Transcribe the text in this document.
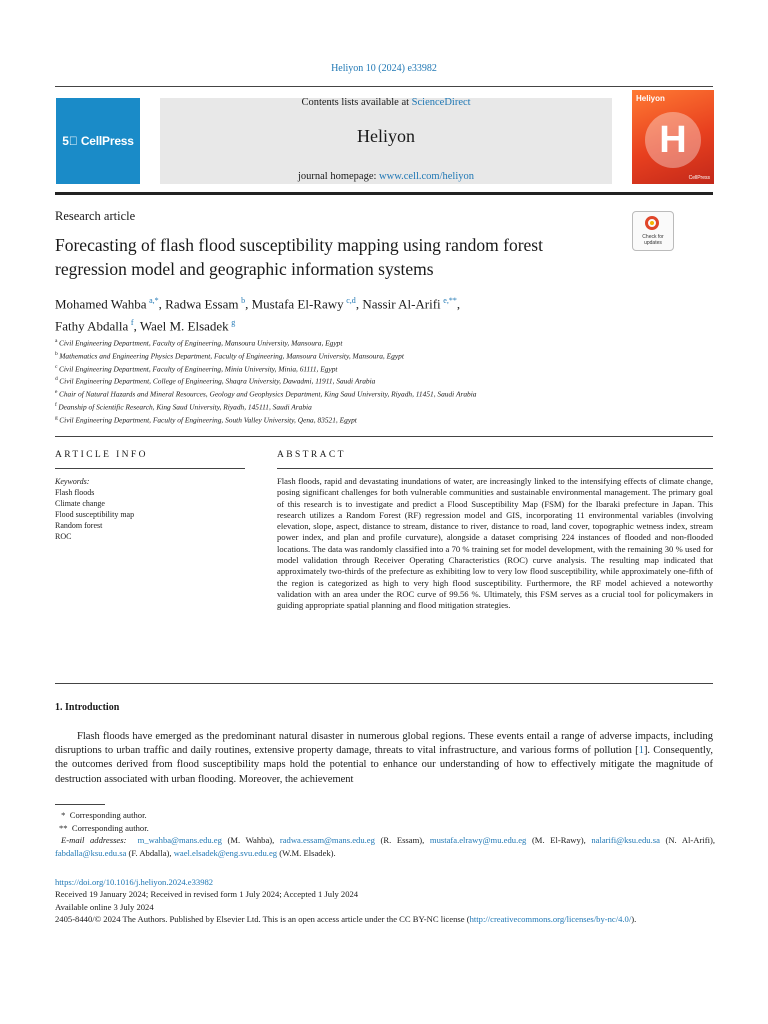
Heliyon 10 (2024) e33982
5⃝ CellPress
Contents lists available at ScienceDirect
Heliyon
journal homepage: www.cell.com/heliyon
Heliyon
H
CellPress
Research article
Forecasting of flash flood susceptibility mapping using random forest regression model and geographic information systems
Check for
updates
Mohamed Wahba  $^{a,*}$, Radwa Essam  $^b$, Mustafa El-Rawy  $^{c,d}$, Nassir Al-Arifi  $^{e,**}$,
Fathy Abdalla  $^f$, Wael M. Elsadek  $^g$
$^a$ Civil Engineering Department, Faculty of Engineering, Mansoura University, Mansoura, Egypt
$^b$ Mathematics and Engineering Physics Department, Faculty of Engineering, Mansoura University, Mansoura, Egypt
$^c$ Civil Engineering Department, Faculty of Engineering, Minia University, Minia, 61111, Egypt
$^d$ Civil Engineering Department, College of Engineering, Shaqra University, Dawadmi, 11911, Saudi Arabia
$^e$ Chair of Natural Hazards and Mineral Resources, Geology and Geophysics Department, King Saud University, Riyadh, 11451, Saudi Arabia
$^f$ Deanship of Scientific Research, King Saud University, Riyadh, 145111, Saudi Arabia
$^g$ Civil Engineering Department, Faculty of Engineering, South Valley University, Qena, 83521, Egypt
ARTICLE INFO
Keywords:
Flash floods
Climate change
Flood susceptibility map
Random forest
ROC
ABSTRACT
Flash floods, rapid and devastating inundations of water, are increasingly linked to the intensifying effects of climate change, posing significant challenges for both vulnerable communities and sustainable environmental management. The primary goal of this research is to investigate and predict a Flood Susceptibility Map (FSM) for the Ibaraki prefecture in Japan. This research utilizes a Random Forest (RF) regression model and GIS, incorporating 11 environmental variables (involving elevation, slope, aspect, distance to stream, distance to river, distance to road, land cover, topographic wetness index, stream power index, and plan and profile curvature), alongside a dataset comprising 224 instances of flooded and non-flooded locations. The data was randomly classified into a 70 % training set for model development, with the remaining 30 % used for model validation through Receiver Operating Characteristics (ROC) curve analysis. The resulting map indicated that approximately two-thirds of the prefecture as exhibiting low to very low flood susceptibility, while approximately one-fifth of the region is categorized as high to very high flood susceptibility. Furthermore, the RF model achieved a noteworthy validation with an area under the ROC curve of 99.56 %. Ultimately, this FSM serves as a crucial tool for policymakers in guiding appropriate spatial planning and flood mitigation strategies.
1. Introduction
Flash floods have emerged as the predominant natural disaster in numerous global regions. These events entail a range of adverse impacts, including disruptions to urban traffic and daily routines, extensive property damage, threats to vital infrastructure, and various forms of pollution [1]. Consequently, the outcomes derived from flood susceptibility maps hold the potential to enhance our understanding of how to effectively mitigate the magnitude of destruction associated with urban flooding. Moreover, the achievement
*  Corresponding author.
**  Corresponding author.
E-mail addresses: m_wahba@mans.edu.eg (M. Wahba), radwa.essam@mans.edu.eg (R. Essam), mustafa.elrawy@mu.edu.eg (M. El-Rawy), nalarifi@ksu.edu.sa (N. Al-Arifi), fabdalla@ksu.edu.sa (F. Abdalla), wael.elsadek@eng.svu.edu.eg (W.M. Elsadek).
https://doi.org/10.1016/j.heliyon.2024.e33982
Received 19 January 2024; Received in revised form 1 July 2024; Accepted 1 July 2024
Available online 3 July 2024
2405-8440/© 2024 The Authors. Published by Elsevier Ltd. This is an open access article under the CC BY-NC license (http://creativecommons.org/licenses/by-nc/4.0/).
